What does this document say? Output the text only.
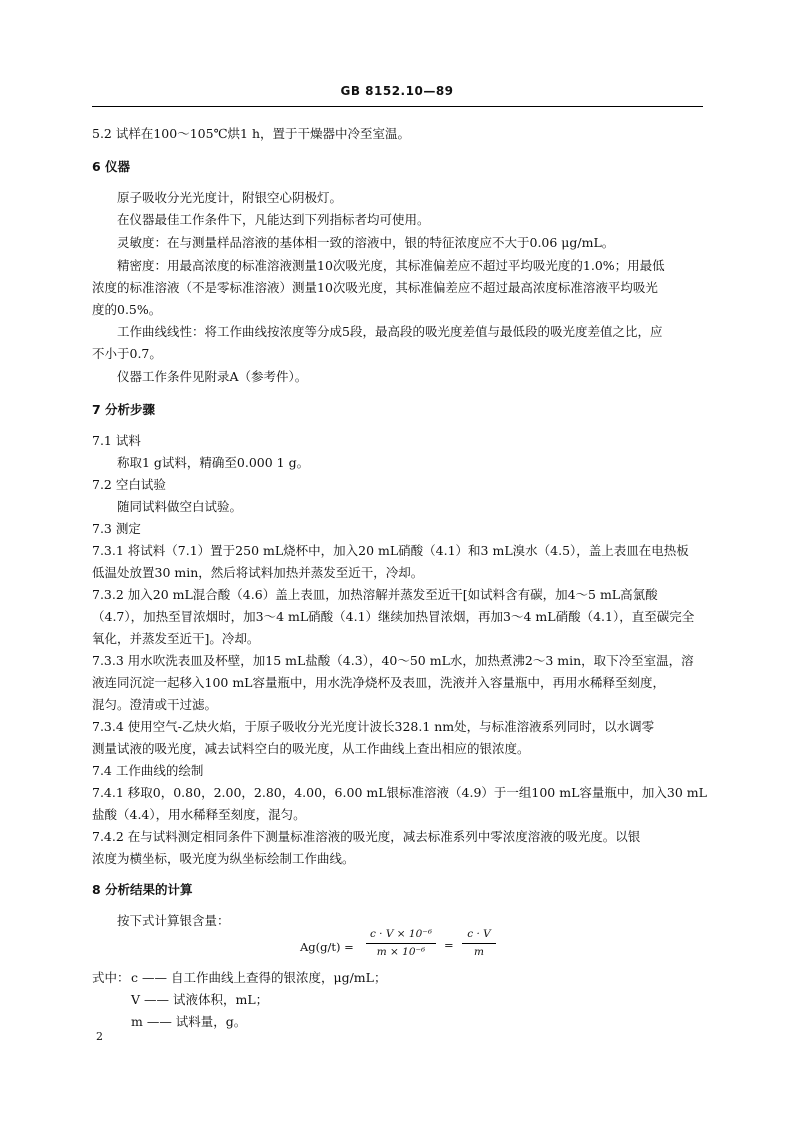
GB 8152.10—89
5.2 试样在100～105℃烘1 h，置于干燥器中冷至室温。
6 仪器
原子吸收分光光度计，附银空心阴极灯。
在仪器最佳工作条件下，凡能达到下列指标者均可使用。
灵敏度：在与测量样品溶液的基体相一致的溶液中，银的特征浓度应不大于0.06 μg/mL。
精密度：用最高浓度的标准溶液测量10次吸光度，其标准偏差应不超过平均吸光度的1.0%；用最低
浓度的标准溶液（不是零标准溶液）测量10次吸光度，其标准偏差应不超过最高浓度标准溶液平均吸光
度的0.5%。
工作曲线线性：将工作曲线按浓度等分成5段，最高段的吸光度差值与最低段的吸光度差值之比，应
不小于0.7。
仪器工作条件见附录A（参考件）。
7 分析步骤
7.1 试料
称取1 g试料，精确至0.000 1 g。
7.2 空白试验
随同试料做空白试验。
7.3 测定
7.3.1 将试料（7.1）置于250 mL烧杯中，加入20 mL硝酸（4.1）和3 mL溴水（4.5），盖上表皿在电热板
低温处放置30 min，然后将试料加热并蒸发至近干，冷却。
7.3.2 加入20 mL混合酸（4.6）盖上表皿，加热溶解并蒸发至近干[如试料含有碳，加4～5 mL高氯酸
（4.7），加热至冒浓烟时，加3～4 mL硝酸（4.1）继续加热冒浓烟，再加3～4 mL硝酸（4.1），直至碳完全
氧化，并蒸发至近干]。冷却。
7.3.3 用水吹洗表皿及杯壁，加15 mL盐酸（4.3），40～50 mL水，加热煮沸2～3 min，取下冷至室温，溶
液连同沉淀一起移入100 mL容量瓶中，用水洗净烧杯及表皿，洗液并入容量瓶中，再用水稀释至刻度，
混匀。澄清或干过滤。
7.3.4 使用空气-乙炔火焰，于原子吸收分光光度计波长328.1 nm处，与标准溶液系列同时，以水调零
测量试液的吸光度，减去试料空白的吸光度，从工作曲线上查出相应的银浓度。
7.4 工作曲线的绘制
7.4.1 移取0，0.80，2.00，2.80，4.00，6.00 mL银标准溶液（4.9）于一组100 mL容量瓶中，加入30 mL
盐酸（4.4），用水稀释至刻度，混匀。
7.4.2 在与试料测定相同条件下测量标准溶液的吸光度，减去标准系列中零浓度溶液的吸光度。以银
浓度为横坐标，吸光度为纵坐标绘制工作曲线。
8 分析结果的计算
按下式计算银含量：
Ag(g/t) =
c · V × 10⁻⁶
m × 10⁻⁶	=
c · V
m
式中： c —— 自工作曲线上查得的银浓度，μg/mL；
V —— 试液体积，mL；
m —— 试料量，g。
2
